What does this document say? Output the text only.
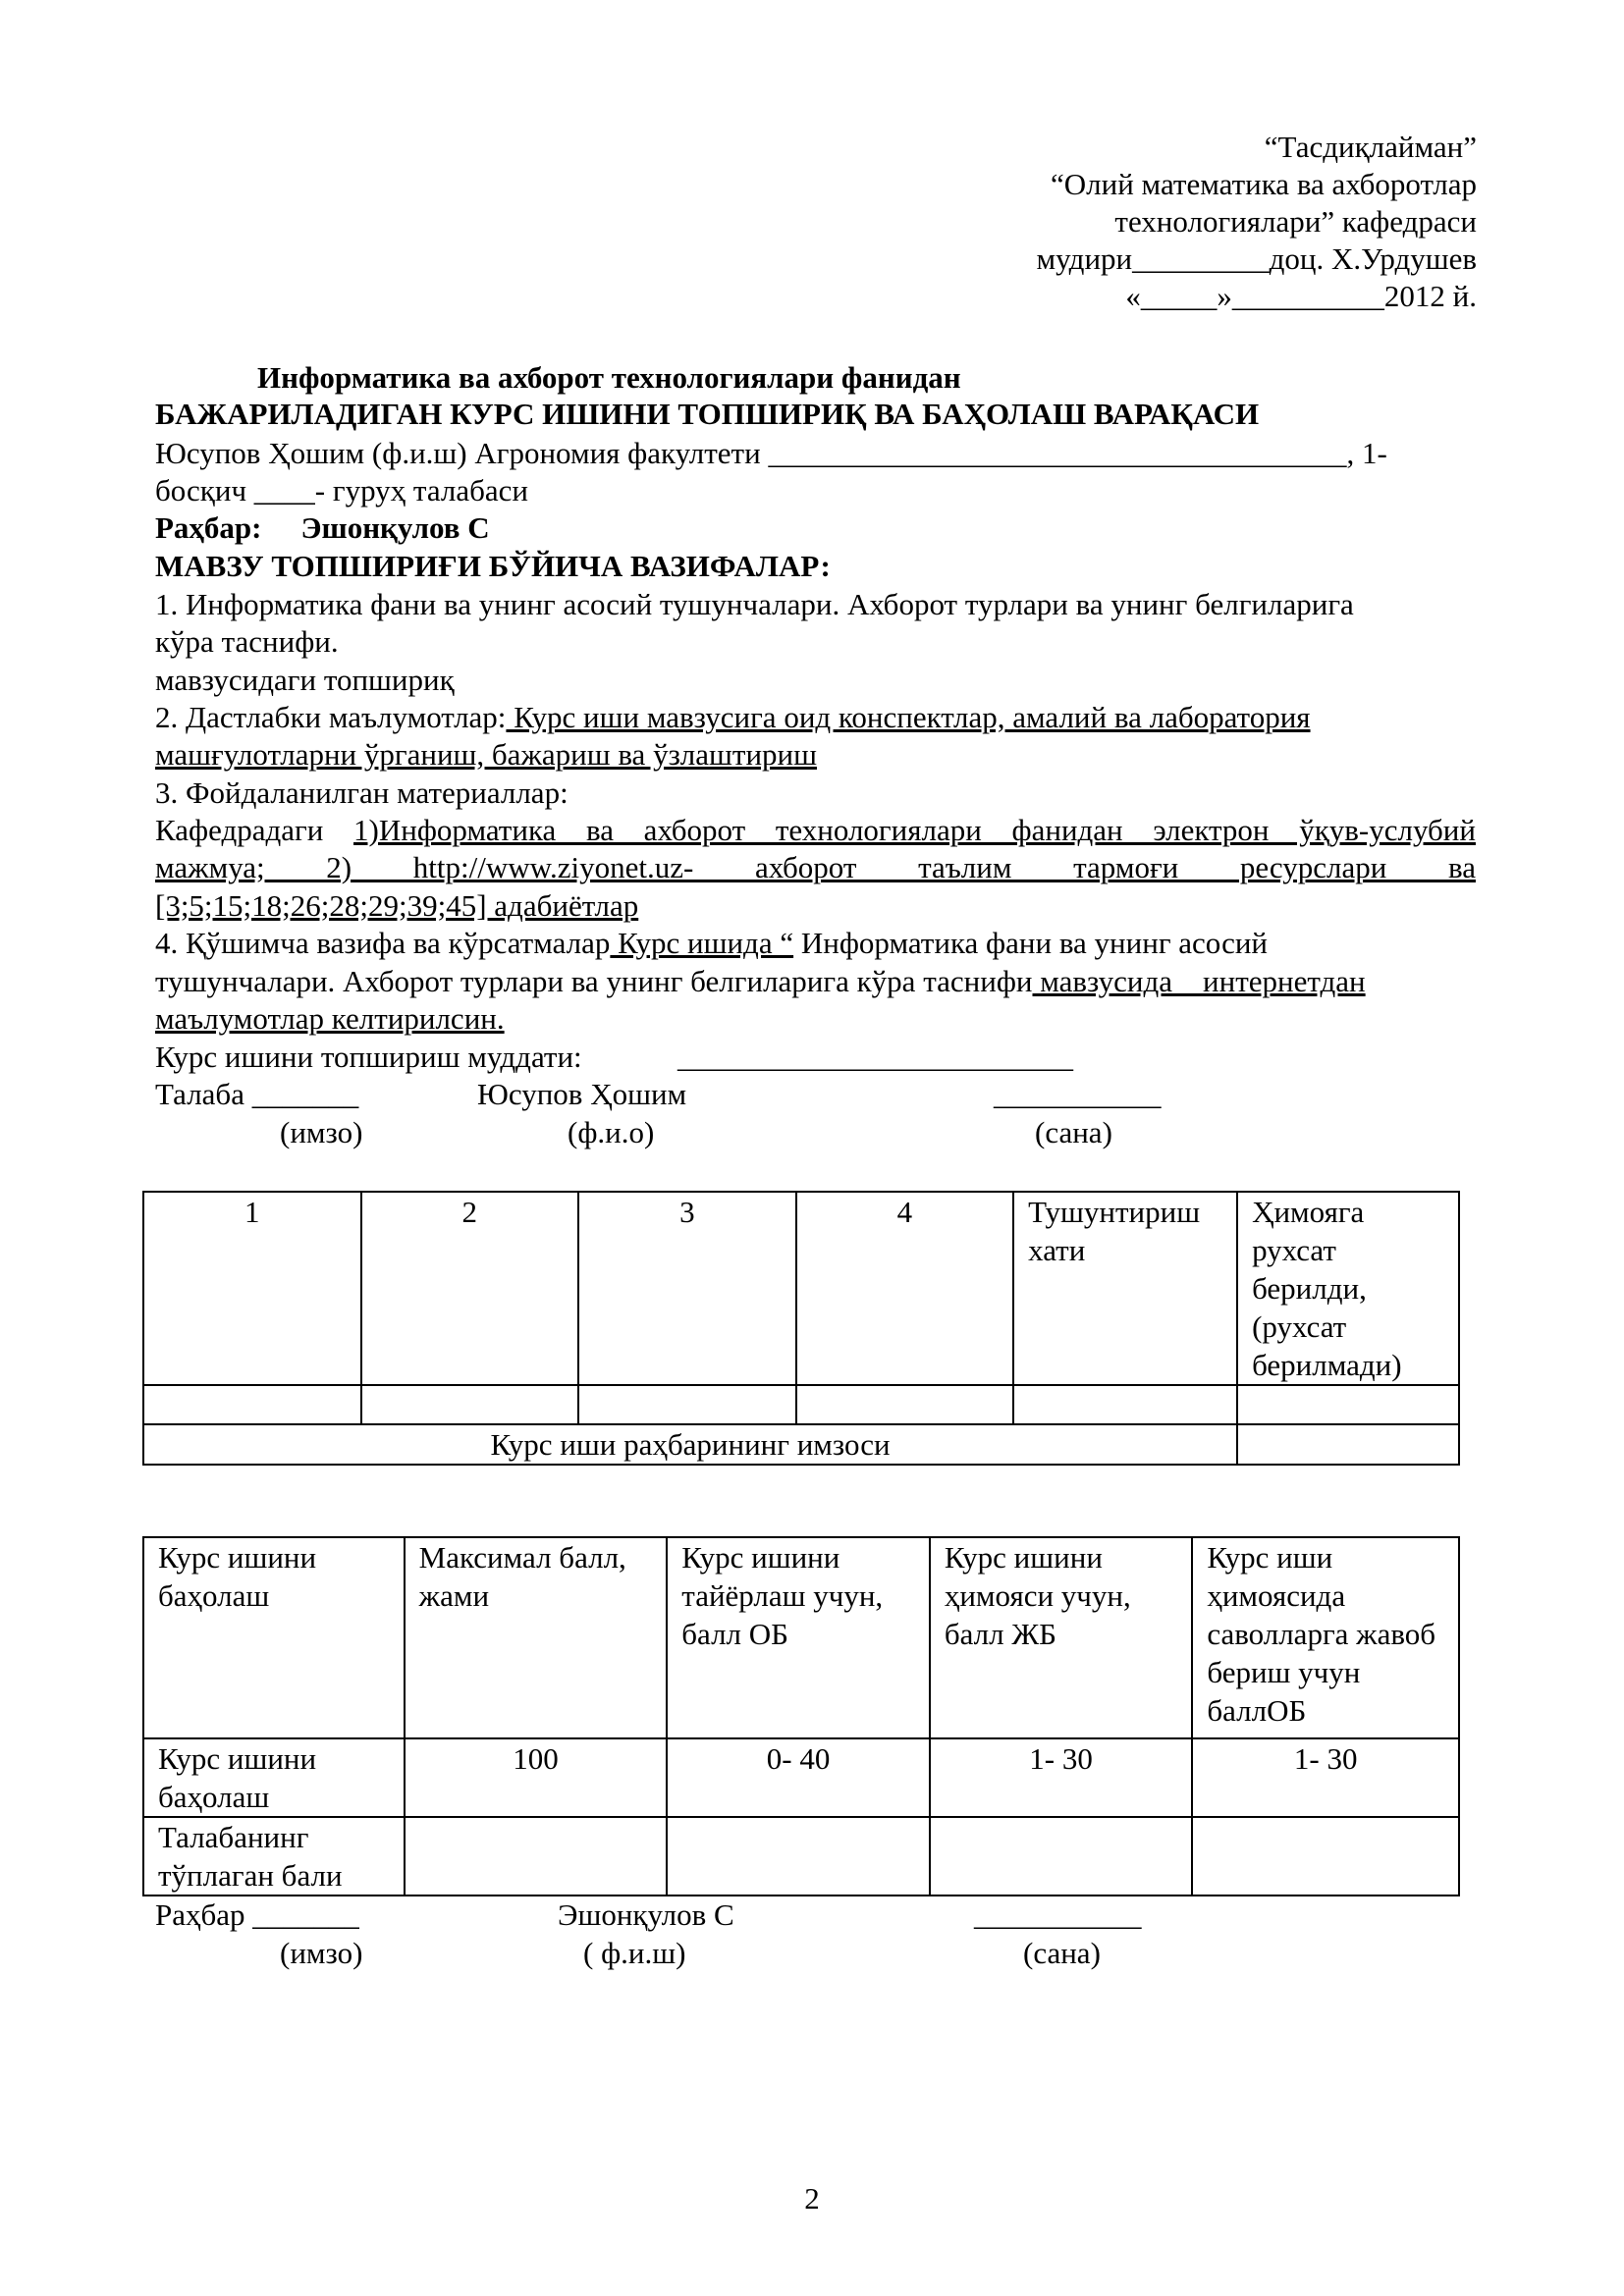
“Тасдиқлайман”
“Олий математика ва ахборотлар
технологиялари” кафедраси
мудири_________доц. Х.Урдушев
«_____»__________2012 й.
Информатика ва ахборот технологиялари фанидан
БАЖАРИЛАДИГАН КУРС ИШИНИ ТОПШИРИҚ ВА БАҲОЛАШ ВАРАҚАСИ
Юсупов Ҳошим (ф.и.ш) Агрономия факултети ______________________________________, 1-
босқич ____- гуруҳ талабаси
Раҳбар: Эшонқулов С
МАВЗУ ТОПШИРИҒИ БЎЙИЧА ВАЗИФАЛАР:
1. Информатика фани ва унинг асосий тушунчалари. Ахборот турлари ва унинг белгиларига
кўра таснифи.
мавзусидаги топшириқ
2. Дастлабки маълумотлар: Курс иши мавзусига оид конспектлар, амалий ва лаборатория
машғулотларни ўрганиш, бажариш ва ўзлаштириш
3. Фойдаланилган материаллар:
Кафедрадаги 1)Информатика ва ахборот технологиялари фанидан электрон ўқув-услубий
мажмуа; 2) http://www.ziyonet.uz- ахборот таълим тармоғи ресурслари ва
[3;5;15;18;26;28;29;39;45] адабиётлар
4. Қўшимча вазифа ва кўрсатмалар Курс ишида “ Информатика фани ва унинг асосий
тушунчалари. Ахборот турлари ва унинг белгиларига кўра таснифи мавзусида    интернетдан
маълумотлар келтирилсин.
Курс ишини топшириш муддати:	__________________________
Талаба _______	Юсупов Ҳошим	___________
(имзо)	(ф.и.о)	(сана)
1	2	3	4	Тушунтириш хати	Ҳимояга рухсат берилди, (рухсат берилмади)

Курс иши раҳбарининг имзоси					
Курс ишини баҳолаш	Максимал балл, жами	Курс ишини тайёрлаш учун, балл ОБ	Курс ишини ҳимояси учун, балл ЖБ	Курс иши ҳимоясида саволларга жавоб бериш учун баллОБ
Курс ишини баҳолаш	100	0- 40	1- 30	1- 30
Талабанинг тўплаган бали				
Раҳбар _______	Эшонқулов С	___________
(имзо)	( ф.и.ш)	(сана)
2
